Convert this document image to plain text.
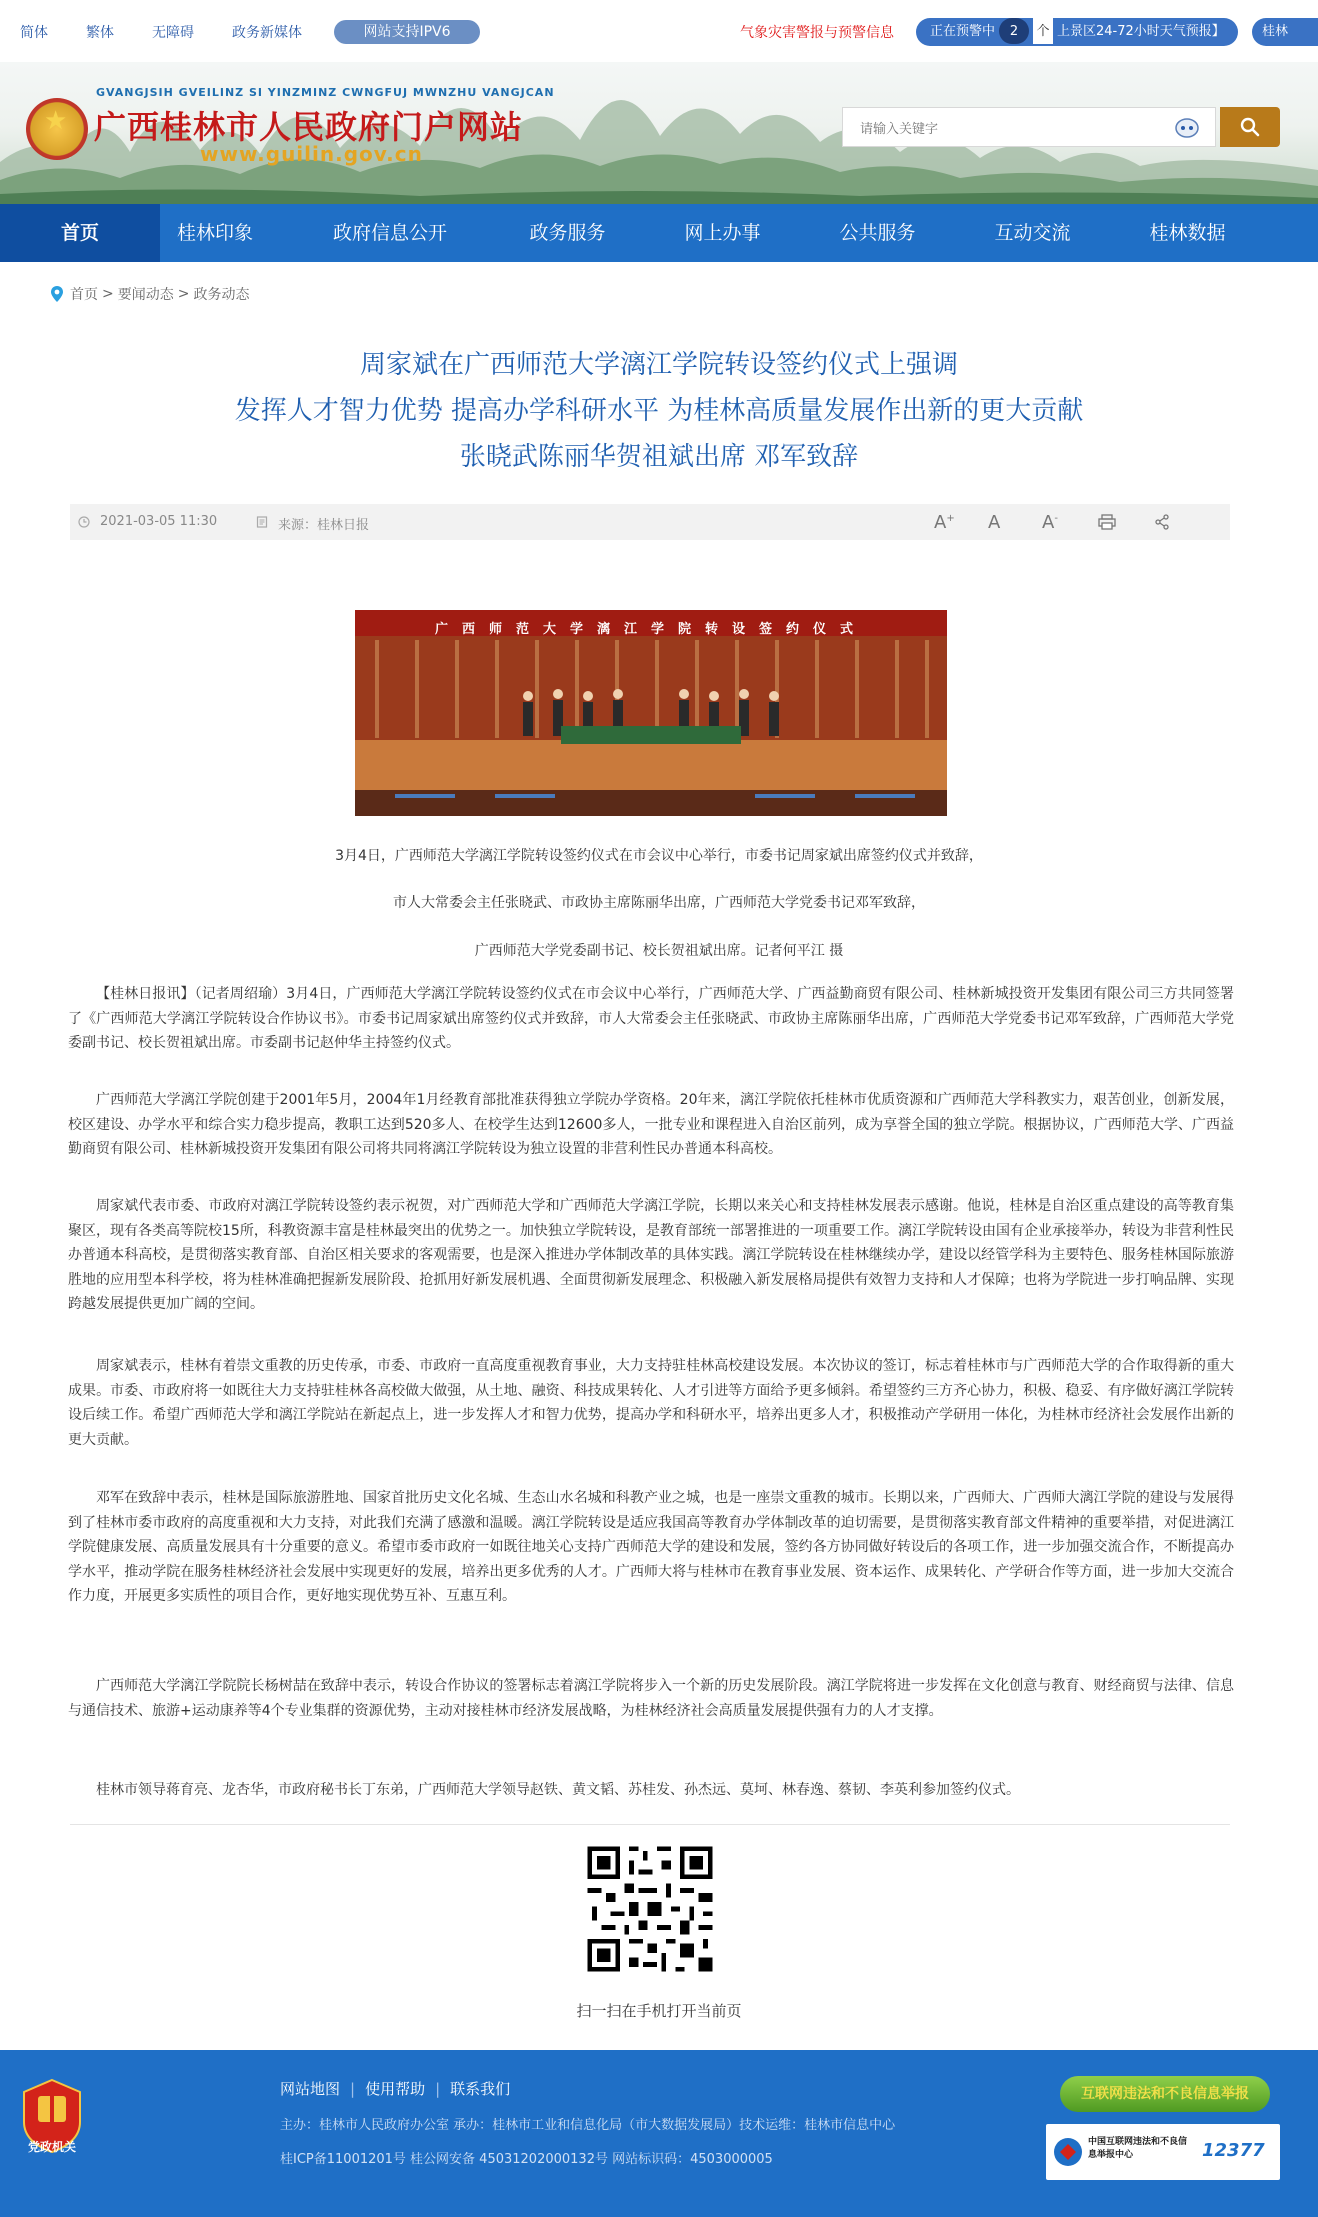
简体	繁体	无障碍	政务新媒体	网站支持IPV6	气象灾害警报与预警信息	正在预警中 2 个 上景区24-72小时天气预报】	桂林
★
GVANGJSIH GVEILINZ SI YINZMINZ CWNGFUJ MWNZHU VANGJCAN
广西桂林市人民政府门户网站
www.guilin.gov.cn
请输入关键字
首页	桂林印象	政府信息公开	政务服务	网上办事	公共服务	互动交流	桂林数据
首页 > 要闻动态 > 政务动态
周家斌在广西师范大学漓江学院转设签约仪式上强调
发挥人才智力优势 提高办学科研水平 为桂林高质量发展作出新的更大贡献
张晓武陈丽华贺祖斌出席 邓军致辞
2021-03-05 11:30	来源：桂林日报	A+ A A-
广西师范大学漓江学院转设签约仪式
3月4日，广西师范大学漓江学院转设签约仪式在市会议中心举行，市委书记周家斌出席签约仪式并致辞，
市人大常委会主任张晓武、市政协主席陈丽华出席，广西师范大学党委书记邓军致辞，
广西师范大学党委副书记、校长贺祖斌出席。记者何平江 摄
【桂林日报讯】（记者周绍瑜）3月4日，广西师范大学漓江学院转设签约仪式在市会议中心举行，广西师范大学、广西益勤商贸有限公司、桂林新城投资开发集团有限公司三方共同签署了《广西师范大学漓江学院转设合作协议书》。市委书记周家斌出席签约仪式并致辞，市人大常委会主任张晓武、市政协主席陈丽华出席，广西师范大学党委书记邓军致辞，广西师范大学党委副书记、校长贺祖斌出席。市委副书记赵仲华主持签约仪式。
广西师范大学漓江学院创建于2001年5月，2004年1月经教育部批准获得独立学院办学资格。20年来，漓江学院依托桂林市优质资源和广西师范大学科教实力，艰苦创业，创新发展，校区建设、办学水平和综合实力稳步提高，教职工达到520多人、在校学生达到12600多人，一批专业和课程进入自治区前列，成为享誉全国的独立学院。根据协议，广西师范大学、广西益勤商贸有限公司、桂林新城投资开发集团有限公司将共同将漓江学院转设为独立设置的非营利性民办普通本科高校。
周家斌代表市委、市政府对漓江学院转设签约表示祝贺，对广西师范大学和广西师范大学漓江学院，长期以来关心和支持桂林发展表示感谢。他说，桂林是自治区重点建设的高等教育集聚区，现有各类高等院校15所，科教资源丰富是桂林最突出的优势之一。加快独立学院转设，是教育部统一部署推进的一项重要工作。漓江学院转设由国有企业承接举办，转设为非营利性民办普通本科高校，是贯彻落实教育部、自治区相关要求的客观需要，也是深入推进办学体制改革的具体实践。漓江学院转设在桂林继续办学，建设以经管学科为主要特色、服务桂林国际旅游胜地的应用型本科学校，将为桂林准确把握新发展阶段、抢抓用好新发展机遇、全面贯彻新发展理念、积极融入新发展格局提供有效智力支持和人才保障；也将为学院进一步打响品牌、实现跨越发展提供更加广阔的空间。
周家斌表示，桂林有着崇文重教的历史传承，市委、市政府一直高度重视教育事业，大力支持驻桂林高校建设发展。本次协议的签订，标志着桂林市与广西师范大学的合作取得新的重大成果。市委、市政府将一如既往大力支持驻桂林各高校做大做强，从土地、融资、科技成果转化、人才引进等方面给予更多倾斜。希望签约三方齐心协力，积极、稳妥、有序做好漓江学院转设后续工作。希望广西师范大学和漓江学院站在新起点上，进一步发挥人才和智力优势，提高办学和科研水平，培养出更多人才，积极推动产学研用一体化，为桂林市经济社会发展作出新的更大贡献。
邓军在致辞中表示，桂林是国际旅游胜地、国家首批历史文化名城、生态山水名城和科教产业之城，也是一座崇文重教的城市。长期以来，广西师大、广西师大漓江学院的建设与发展得到了桂林市委市政府的高度重视和大力支持，对此我们充满了感激和温暖。漓江学院转设是适应我国高等教育办学体制改革的迫切需要，是贯彻落实教育部文件精神的重要举措，对促进漓江学院健康发展、高质量发展具有十分重要的意义。希望市委市政府一如既往地关心支持广西师范大学的建设和发展，签约各方协同做好转设后的各项工作，进一步加强交流合作，不断提高办学水平，推动学院在服务桂林经济社会发展中实现更好的发展，培养出更多优秀的人才。广西师大将与桂林市在教育事业发展、资本运作、成果转化、产学研合作等方面，进一步加大交流合作力度，开展更多实质性的项目合作，更好地实现优势互补、互惠互利。
广西师范大学漓江学院院长杨树喆在致辞中表示，转设合作协议的签署标志着漓江学院将步入一个新的历史发展阶段。漓江学院将进一步发挥在文化创意与教育、财经商贸与法律、信息与通信技术、旅游+运动康养等4个专业集群的资源优势，主动对接桂林市经济发展战略，为桂林经济社会高质量发展提供强有力的人才支撑。
桂林市领导蒋育亮、龙杏华，市政府秘书长丁东弟，广西师范大学领导赵铁、黄文韬、苏桂发、孙杰远、莫坷、林春逸、蔡韧、李英利参加签约仪式。
扫一扫在手机打开当前页
党政机关
网站地图 | 使用帮助 | 联系我们
主办：桂林市人民政府办公室 承办：桂林市工业和信息化局（市大数据发展局）技术运维：桂林市信息中心
桂ICP备11001201号 桂公网安备 45031202000132号 网站标识码：4503000005
互联网违法和不良信息举报
中国互联网违法和不良信息举报中心	12377
